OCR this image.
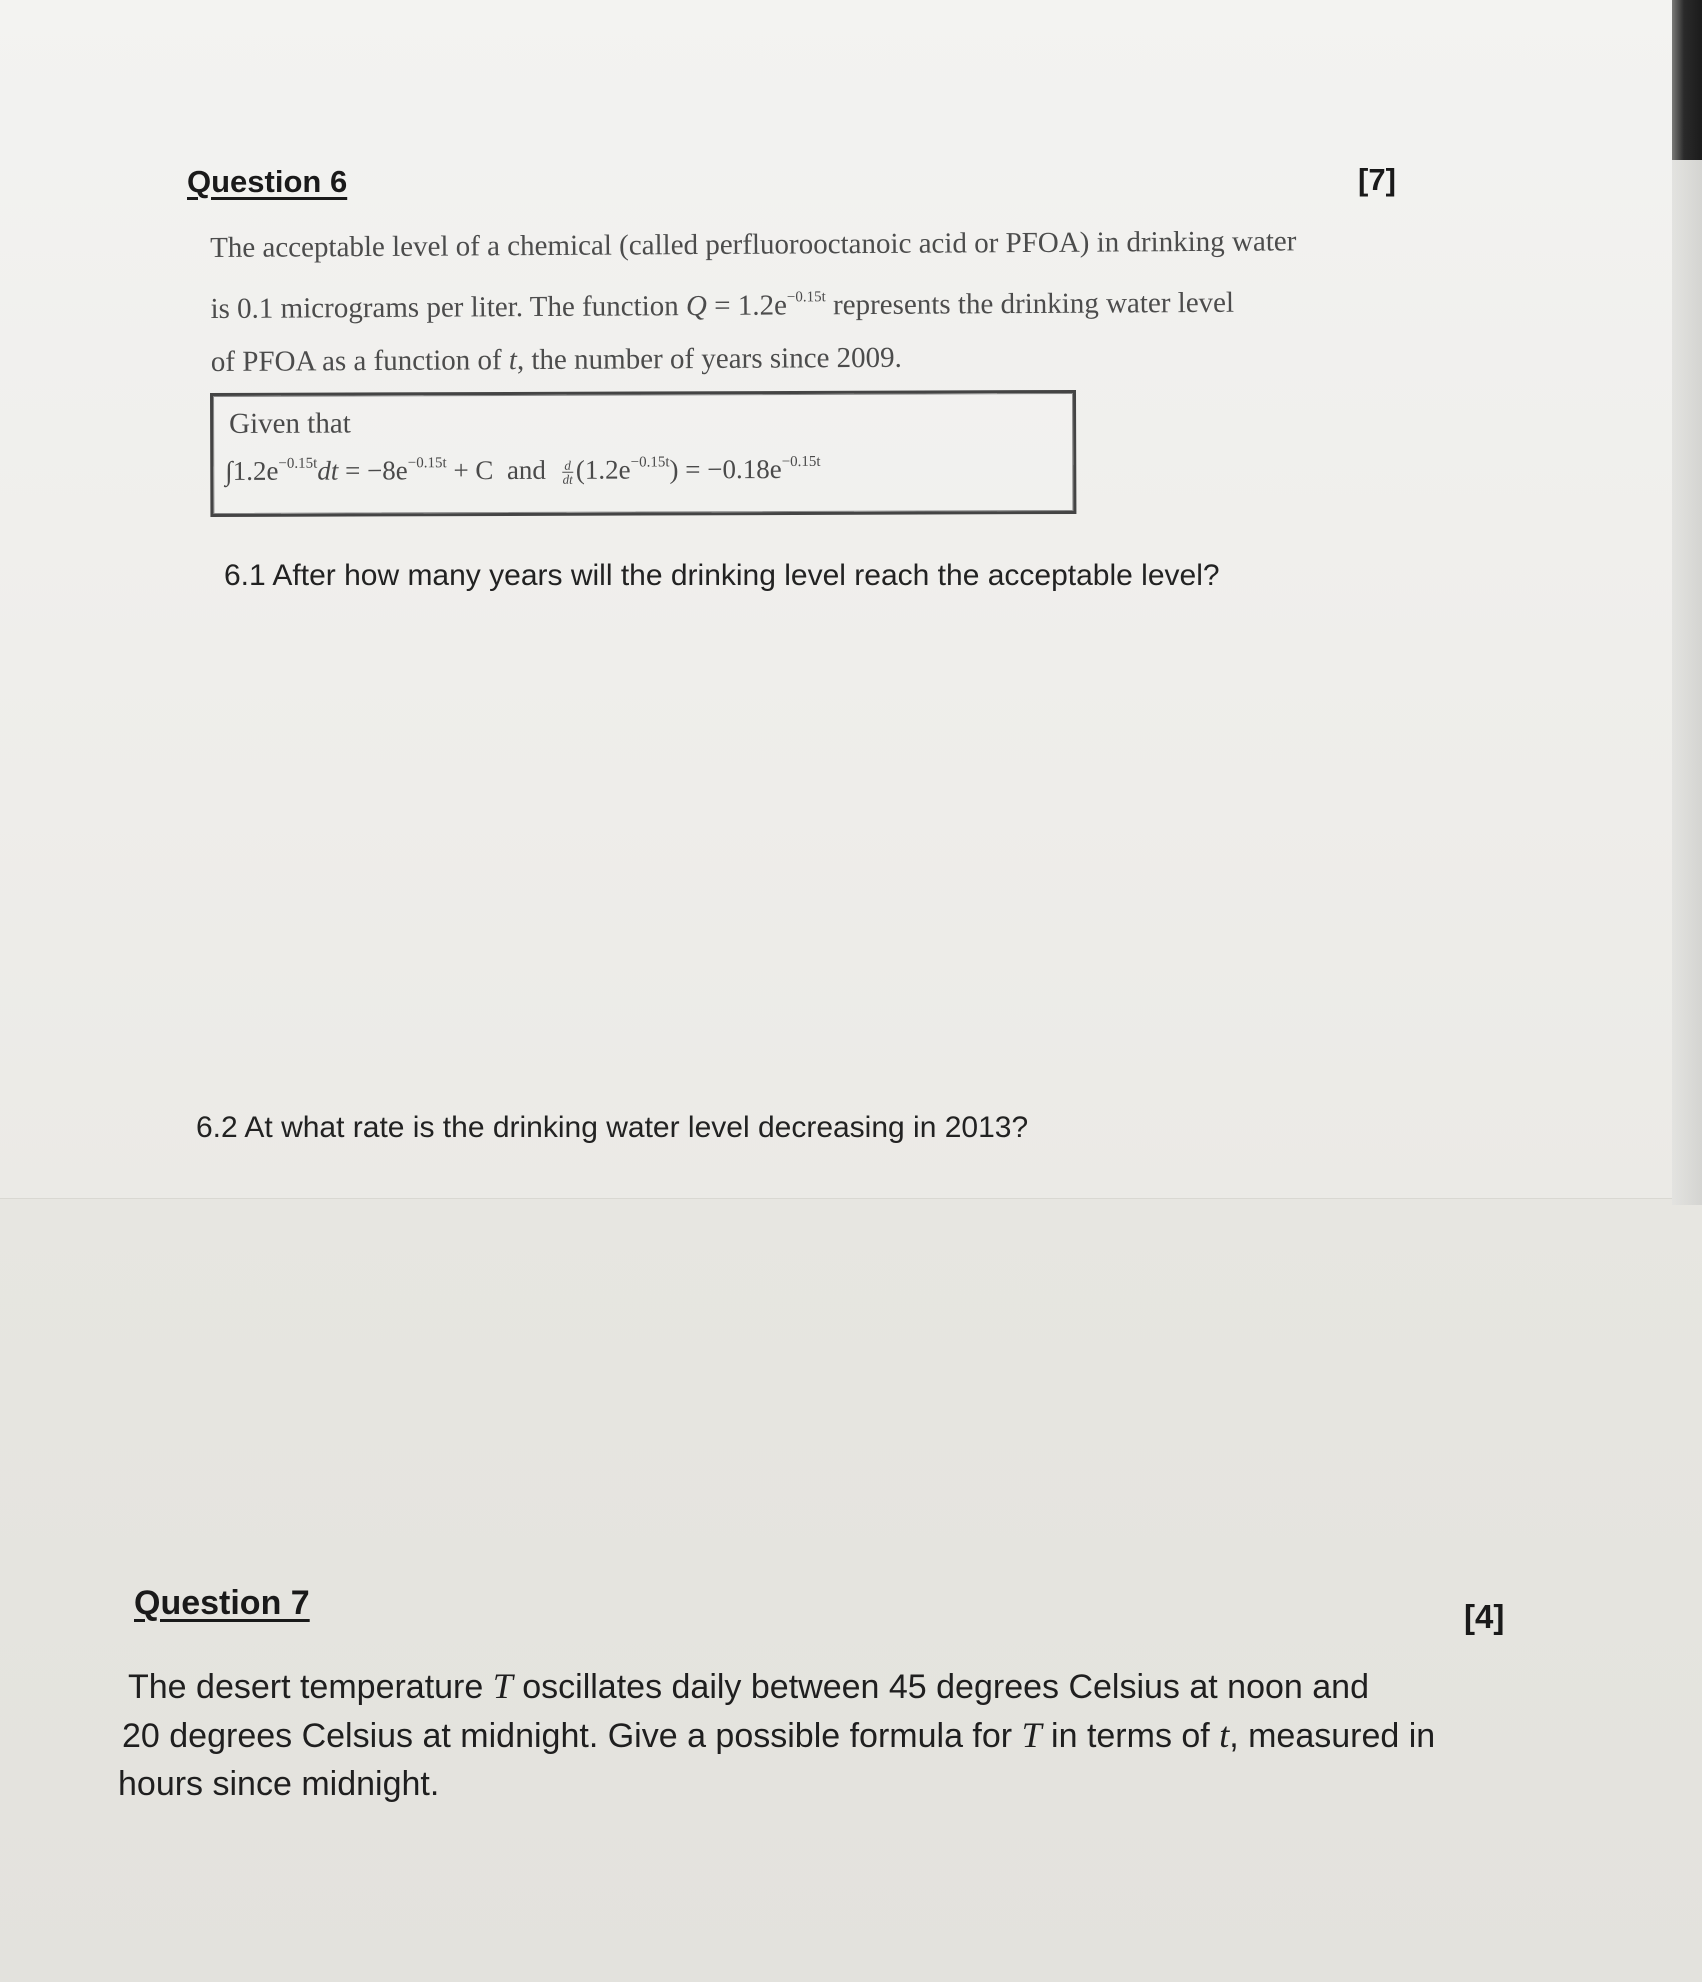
Question 6	[7]
The acceptable level of a chemical (called perfluorooctanoic acid or PFOA) in drinking water
is 0.1 micrograms per liter. The function $Q = 1.2e^{-0.15t}$ represents the drinking water level
of PFOA as a function of t, the number of years since 2009.
Given that
$\int 1.2e^{-0.15t}dt = -8e^{-0.15t} + C$ and $\frac{d}{dt} (1.2e^{-0.15t}) = -0.18e^{-0.15t}$
6.1 After how many years will the drinking level reach the acceptable level?
6.2 At what rate is the drinking water level decreasing in 2013?
Question 7	[4]
The desert temperature T oscillates daily between 45 degrees Celsius at noon and
20 degrees Celsius at midnight. Give a possible formula for T in terms of t, measured in
hours since midnight.
